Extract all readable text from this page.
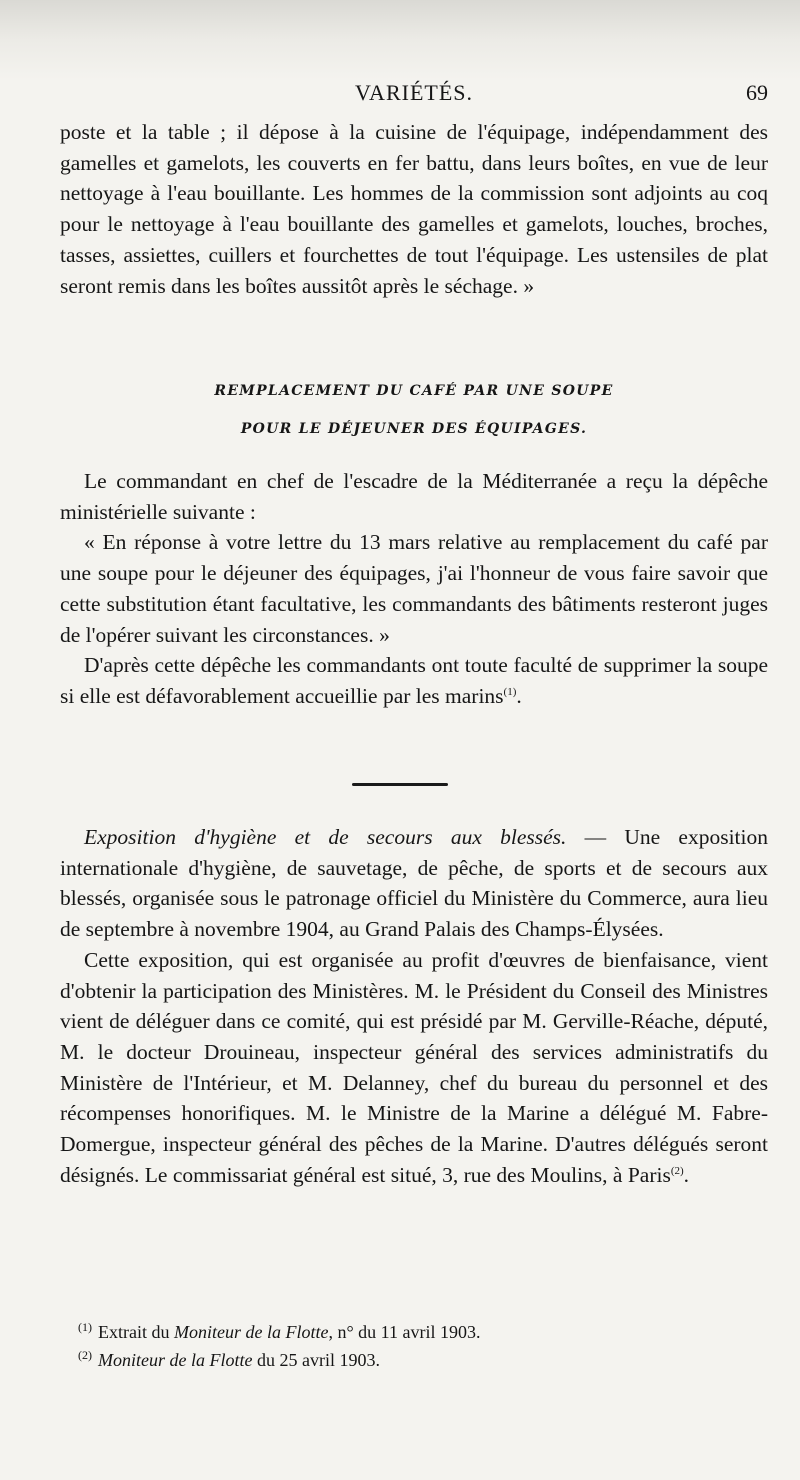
VARIÉTÉS.	69

poste et la table ; il dépose à la cuisine de l'équipage, indépendamment des gamelles et gamelots, les couverts en fer battu, dans leurs boîtes, en vue de leur nettoyage à l'eau bouillante. Les hommes de la commission sont adjoints au coq pour le nettoyage à l'eau bouillante des gamelles et gamelots, louches, broches, tasses, assiettes, cuillers et fourchettes de tout l'équipage. Les ustensiles de plat seront remis dans les boîtes aussitôt après le séchage. »

REMPLACEMENT DU CAFÉ PAR UNE SOUPE
POUR LE DÉJEUNER DES ÉQUIPAGES.

Le commandant en chef de l'escadre de la Méditerranée a reçu la dépêche ministérielle suivante :

« En réponse à votre lettre du 13 mars relative au remplacement du café par une soupe pour le déjeuner des équipages, j'ai l'honneur de vous faire savoir que cette substitution étant facultative, les commandants des bâtiments resteront juges de l'opérer suivant les circonstances. »

D'après cette dépêche les commandants ont toute faculté de supprimer la soupe si elle est défavorablement accueillie par les marins$^{(1)}$.

Exposition d'hygiène et de secours aux blessés. — Une exposition internationale d'hygiène, de sauvetage, de pêche, de sports et de secours aux blessés, organisée sous le patronage officiel du Ministère du Commerce, aura lieu de septembre à novembre 1904, au Grand Palais des Champs-Élysées.

Cette exposition, qui est organisée au profit d'œuvres de bienfaisance, vient d'obtenir la participation des Ministères. M. le Président du Conseil des Ministres vient de déléguer dans ce comité, qui est présidé par M. Gerville-Réache, député, M. le docteur Drouineau, inspecteur général des services administratifs du Ministère de l'Intérieur, et M. Delanney, chef du bureau du personnel et des récompenses honorifiques. M. le Ministre de la Marine a délégué M. Fabre-Domergue, inspecteur général des pêches de la Marine. D'autres délégués seront désignés. Le commissariat général est situé, 3, rue des Moulins, à Paris$^{(2)}$.

$^{(1)}$ Extrait du Moniteur de la Flotte, n° du 11 avril 1903.

$^{(2)}$ Moniteur de la Flotte du 25 avril 1903.
